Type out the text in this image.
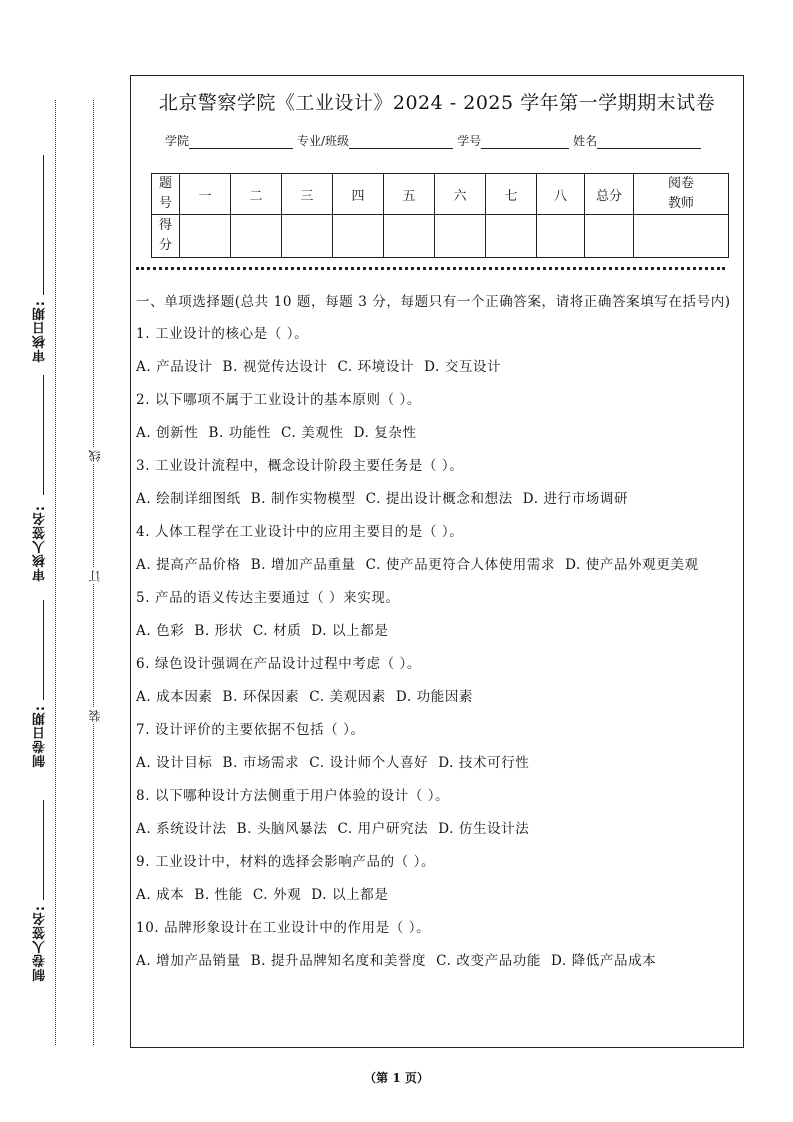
审核日期:
审核人签名:
制卷日期:
制卷人签名:
线
订
装
北京警察学院《工业设计》2024 - 2025 学年第一学期期末试卷
学院	专业/班级	学号	姓名
题号	一	二	三	四	五	六	七	八	总分	阅卷教师
得分										

一、单项选择题(总共 10 题，每题 3 分，每题只有一个正确答案，请将正确答案填写在括号内)

1. 工业设计的核心是（ ）。

A. 产品设计 B. 视觉传达设计 C. 环境设计 D. 交互设计

2. 以下哪项不属于工业设计的基本原则（ ）。

A. 创新性 B. 功能性 C. 美观性 D. 复杂性

3. 工业设计流程中，概念设计阶段主要任务是（ ）。

A. 绘制详细图纸 B. 制作实物模型 C. 提出设计概念和想法 D. 进行市场调研

4. 人体工程学在工业设计中的应用主要目的是（ ）。

A. 提高产品价格 B. 增加产品重量 C. 使产品更符合人体使用需求 D. 使产品外观更美观

5. 产品的语义传达主要通过（ ）来实现。

A. 色彩 B. 形状 C. 材质 D. 以上都是

6. 绿色设计强调在产品设计过程中考虑（ ）。

A. 成本因素 B. 环保因素 C. 美观因素 D. 功能因素

7. 设计评价的主要依据不包括（ ）。

A. 设计目标 B. 市场需求 C. 设计师个人喜好 D. 技术可行性

8. 以下哪种设计方法侧重于用户体验的设计（ ）。

A. 系统设计法 B. 头脑风暴法 C. 用户研究法 D. 仿生设计法

9. 工业设计中，材料的选择会影响产品的（ ）。

A. 成本 B. 性能 C. 外观 D. 以上都是

10. 品牌形象设计在工业设计中的作用是（ ）。

A. 增加产品销量 B. 提升品牌知名度和美誉度 C. 改变产品功能 D. 降低产品成本

（第 1 页）
